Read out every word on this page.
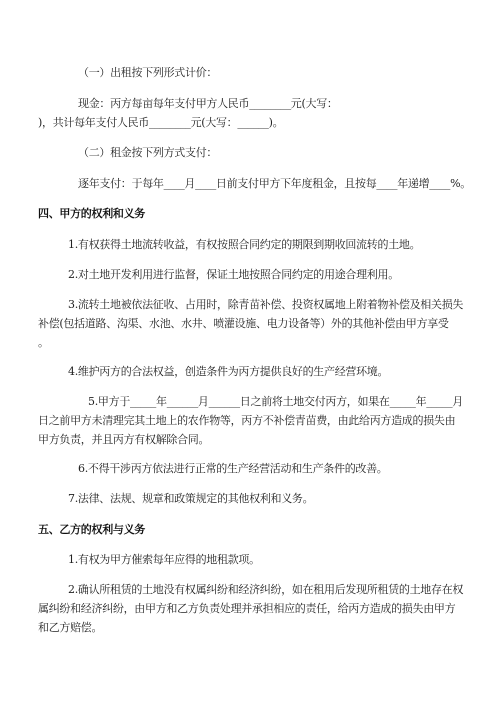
（一）出租按下列形式计价：
现金：丙方每亩每年支付甲方人民币________元(大写：
)，共计每年支付人民币________元(大写：______)。
（二）租金按下列方式支付：
逐年支付：于每年____月____日前支付甲方下年度租金，且按每____年递增____%。
四、甲方的权利和义务
1.有权获得土地流转收益，有权按照合同约定的期限到期收回流转的土地。
2.对土地开发利用进行监督，保证土地按照合同约定的用途合理利用。
3.流转土地被依法征收、占用时，除青苗补偿、投资权属地上附着物补偿及相关损失
补偿(包括道路、沟渠、水池、水井、喷灌设施、电力设备等）外的其他补偿由甲方享受
。
4.维护丙方的合法权益，创造条件为丙方提供良好的生产经营环境。
5.甲方于_____年______月______日之前将土地交付丙方，如果在_____年_____月
日之前甲方未清理完其土地上的农作物等，丙方不补偿青苗费，由此给丙方造成的损失由
甲方负责，并且丙方有权解除合同。
6.不得干涉丙方依法进行正常的生产经营活动和生产条件的改善。
7.法律、法规、规章和政策规定的其他权利和义务。
五、乙方的权利与义务
1.有权为甲方催索每年应得的地租款项。
2.确认所租赁的土地没有权属纠纷和经济纠纷，如在租用后发现所租赁的土地存在权
属纠纷和经济纠纷，由甲方和乙方负责处理并承担相应的责任，给丙方造成的损失由甲方
和乙方赔偿。
